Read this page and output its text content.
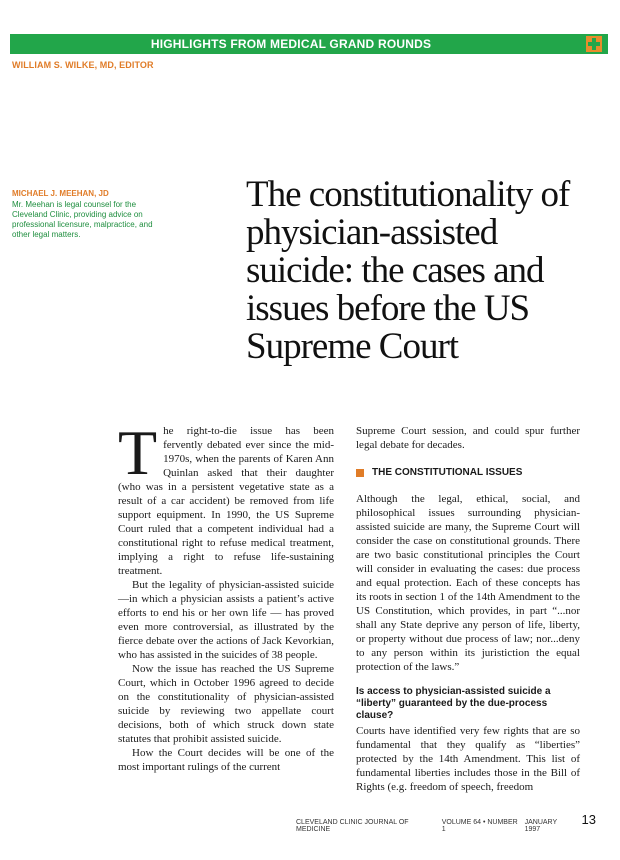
HIGHLIGHTS FROM MEDICAL GRAND ROUNDS
WILLIAM S. WILKE, MD, EDITOR
MICHAEL J. MEEHAN, JD
Mr. Meehan is legal counsel for the Cleveland Clinic, providing advice on professional licensure, malpractice, and other legal matters.
The constitutionality of physician-assisted suicide: the cases and issues before the US Supreme Court

The right-to-die issue has been fervently debated ever since the mid-1970s, when the parents of Karen Ann Quinlan asked that their daughter (who was in a persistent vegetative state as a result of a car accident) be removed from life support equipment. In 1990, the US Supreme Court ruled that a competent individual had a constitutional right to refuse medical treatment, implying a right to refuse life-sustaining treatment.

But the legality of physician-assisted suicide—in which a physician assists a patient’s active efforts to end his or her own life — has proved even more controversial, as illustrated by the fierce debate over the actions of Jack Kevorkian, who has assisted in the suicides of 38 people.

Now the issue has reached the US Supreme Court, which in October 1996 agreed to decide on the constitutionality of physician-assisted suicide by reviewing two appellate court decisions, both of which struck down state statutes that prohibit assisted suicide.

How the Court decides will be one of the most important rulings of the current

Supreme Court session, and could spur further legal debate for decades.

THE CONSTITUTIONAL ISSUES

Although the legal, ethical, social, and philosophical issues surrounding physician-assisted suicide are many, the Supreme Court will consider the case on constitutional grounds. There are two basic constitutional principles the Court will consider in evaluating the cases: due process and equal protection. Each of these concepts has its roots in section 1 of the 14th Amendment to the US Constitution, which provides, in part “...nor shall any State deprive any person of life, liberty, or property without due process of law; nor...deny to any person within its juristiction the equal protection of the laws.”

Is access to physician-assisted suicide a “liberty” guaranteed by the due-process clause?

Courts have identified very few rights that are so fundamental that they qualify as “liberties” protected by the 14th Amendment. This list of fundamental liberties includes those in the Bill of Rights (e.g. freedom of speech, freedom

CLEVELAND CLINIC JOURNAL OF MEDICINE
VOLUME 64 • NUMBER 1
JANUARY 1997
13
